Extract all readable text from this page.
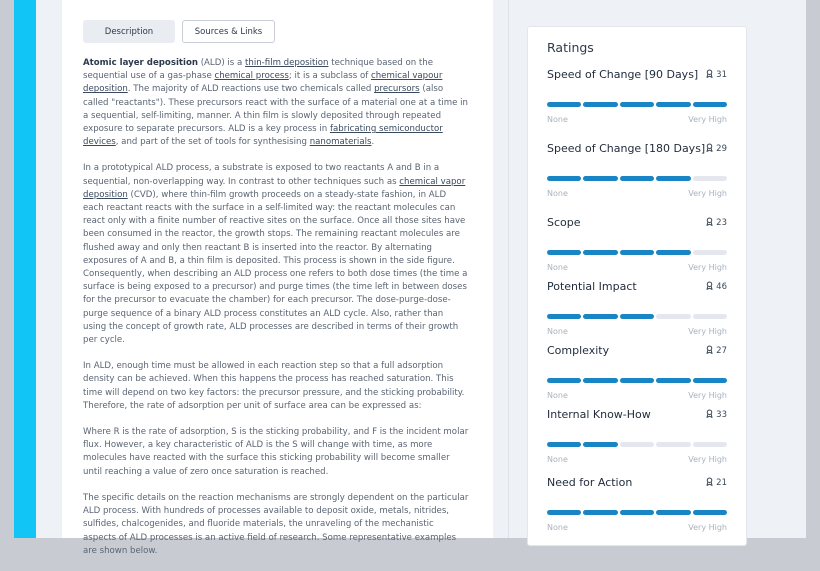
Description	Sources & Links

Atomic layer deposition (ALD) is a thin-film deposition technique based on the sequential use of a gas-phase chemical process; it is a subclass of chemical vapour deposition. The majority of ALD reactions use two chemicals called precursors (also called "reactants"). These precursors react with the surface of a material one at a time in a sequential, self-limiting, manner. A thin film is slowly deposited through repeated exposure to separate precursors. ALD is a key process in fabricating semiconductor devices, and part of the set of tools for synthesising nanomaterials.

In a prototypical ALD process, a substrate is exposed to two reactants A and B in a sequential, non-overlapping way. In contrast to other techniques such as chemical vapor deposition (CVD), where thin-film growth proceeds on a steady-state fashion, in ALD each reactant reacts with the surface in a self-limited way: the reactant molecules can react only with a finite number of reactive sites on the surface. Once all those sites have been consumed in the reactor, the growth stops. The remaining reactant molecules are flushed away and only then reactant B is inserted into the reactor. By alternating exposures of A and B, a thin film is deposited. This process is shown in the side figure. Consequently, when describing an ALD process one refers to both dose times (the time a surface is being exposed to a precursor) and purge times (the time left in between doses for the precursor to evacuate the chamber) for each precursor. The dose-purge-dose-purge sequence of a binary ALD process constitutes an ALD cycle. Also, rather than using the concept of growth rate, ALD processes are described in terms of their growth per cycle.

In ALD, enough time must be allowed in each reaction step so that a full adsorption density can be achieved. When this happens the process has reached saturation. This time will depend on two key factors: the precursor pressure, and the sticking probability. Therefore, the rate of adsorption per unit of surface area can be expressed as:

Where R is the rate of adsorption, S is the sticking probability, and F is the incident molar flux. However, a key characteristic of ALD is the S will change with time, as more molecules have reacted with the surface this sticking probability will become smaller until reaching a value of zero once saturation is reached.

The specific details on the reaction mechanisms are strongly dependent on the particular ALD process. With hundreds of processes available to deposit oxide, metals, nitrides, sulfides, chalcogenides, and fluoride materials, the unraveling of the mechanistic aspects of ALD processes is an active field of research. Some representative examples are shown below.

Ratings
Speed of Change [90 Days] 31
None	Very High
Speed of Change [180 Days] 29
None	Very High
Scope	23
None	Very High
Potential Impact	46
None	Very High
Complexity	27
None	Very High
Internal Know-How	33
None	Very High
Need for Action	21
None	Very High
